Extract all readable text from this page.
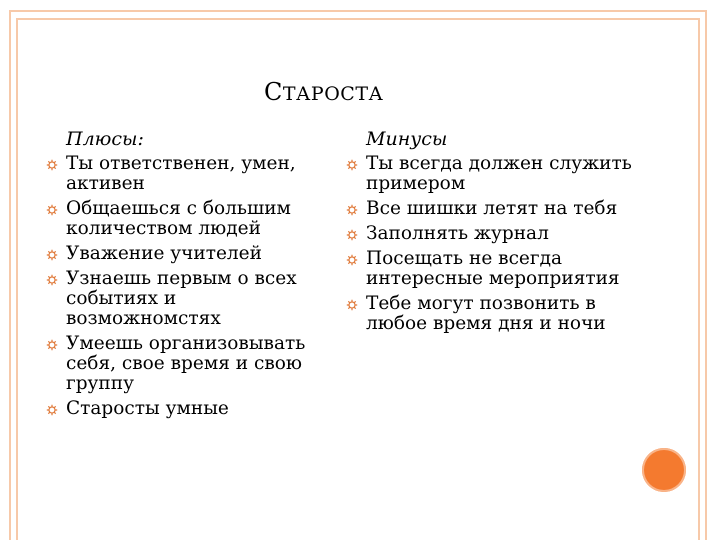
СТАРОСТА
Плюсы:
Ты ответственен, умен, активен
Общаешься с большим количеством людей
Уважение учителей
Узнаешь первым о всех событиях и возможномстях
Умеешь организовывать себя, свое время и свою группу
Старосты умные
Минусы
Ты всегда должен служить примером
Все шишки летят на тебя
Заполнять журнал
Посещать не всегда интересные мероприятия
Тебе могут позвонить в любое время дня и ночи
